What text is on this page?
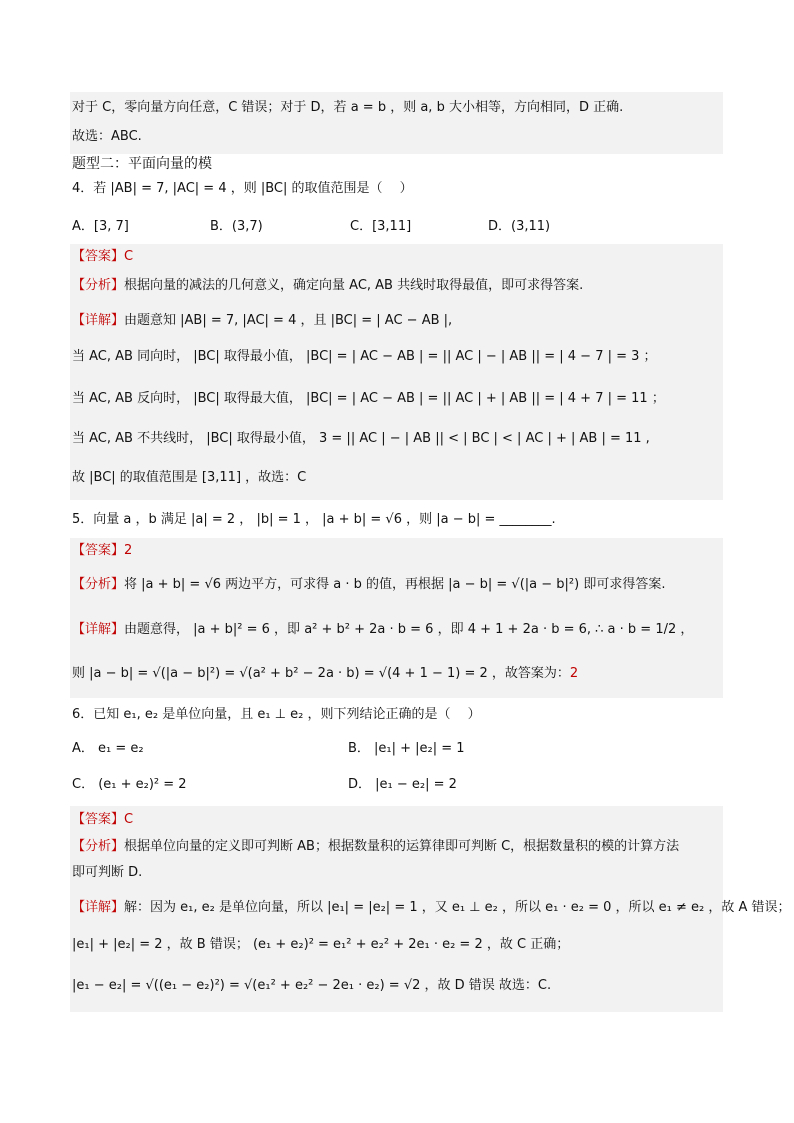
对于 C，零向量方向任意，C 错误；对于 D，若 a = b ，则 a, b 大小相等，方向相同，D 正确.
故选：ABC.
题型二：平面向量的模
4．若 |AB| = 7, |AC| = 4 ，则 |BC| 的取值范围是（　 ）
A．[3, 7]	B．(3,7)	C．[3,11]	D．(3,11)
【答案】C
【分析】根据向量的减法的几何意义，确定向量 AC, AB 共线时取得最值，即可求得答案.
【详解】由题意知 |AB| = 7, |AC| = 4 ，且 |BC| = | AC − AB |,
当 AC, AB 同向时， |BC| 取得最小值， |BC| = | AC − AB | = || AC | − | AB || = | 4 − 7 | = 3 ；
当 AC, AB 反向时， |BC| 取得最大值， |BC| = | AC − AB | = || AC | + | AB || = | 4 + 7 | = 11 ；
当 AC, AB 不共线时， |BC| 取得最小值， 3 = || AC | − | AB || < | BC | < | AC | + | AB | = 11 ,
故 |BC| 的取值范围是 [3,11] ，故选：C
5．向量 a ，b 满足 |a| = 2 ， |b| = 1 ， |a + b| = √6 ，则 |a − b| = ________.
【答案】2
【分析】将 |a + b| = √6 两边平方，可求得 a · b 的值，再根据 |a − b| = √(|a − b|²) 即可求得答案.
【详解】由题意得， |a + b|² = 6 ，即 a² + b² + 2a · b = 6 ，即 4 + 1 + 2a · b = 6, ∴ a · b = 1/2 ，
则 |a − b| = √(|a − b|²) = √(a² + b² − 2a · b) = √(4 + 1 − 1) = 2 ，故答案为：2
6．已知 e₁, e₂ 是单位向量，且 e₁ ⊥ e₂ ，则下列结论正确的是（　 ）
A． e₁ = e₂	B． |e₁| + |e₂| = 1
C． (e₁ + e₂)² = 2	D． |e₁ − e₂| = 2
【答案】C
【分析】根据单位向量的定义即可判断 AB；根据数量积的运算律即可判断 C，根据数量积的模的计算方法
即可判断 D.
【详解】解：因为 e₁, e₂ 是单位向量，所以 |e₁| = |e₂| = 1 ，又 e₁ ⊥ e₂ ，所以 e₁ · e₂ = 0 ，所以 e₁ ≠ e₂ ，故 A 错误；
|e₁| + |e₂| = 2 ，故 B 错误； (e₁ + e₂)² = e₁² + e₂² + 2e₁ · e₂ = 2 ，故 C 正确；
|e₁ − e₂| = √((e₁ − e₂)²) = √(e₁² + e₂² − 2e₁ · e₂) = √2 ，故 D 错误 故选：C.
